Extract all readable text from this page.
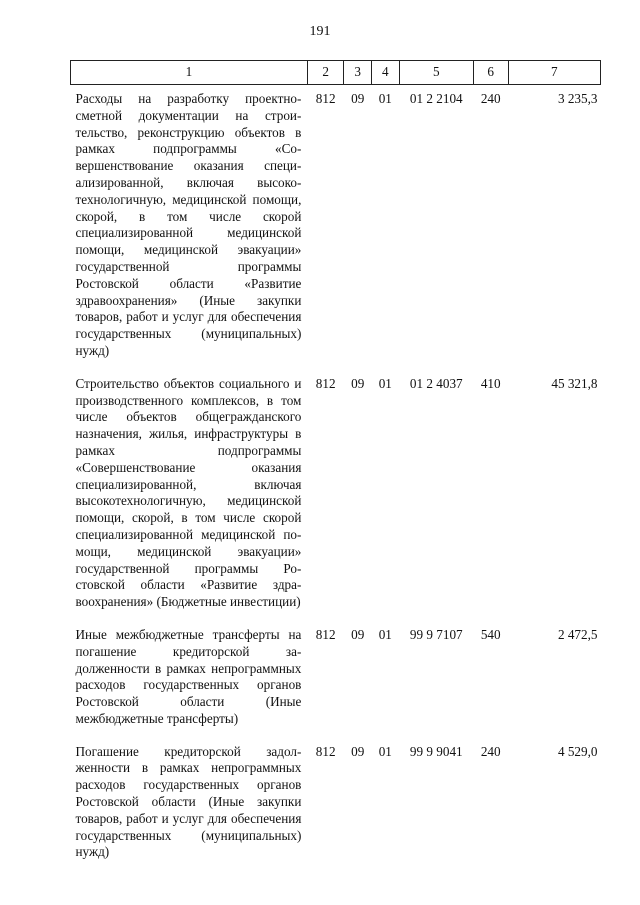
191
1	2	3	4	5	6	7
Расходы на разработку проектносметной документации на строительство, реконструкцию объектов в рамках подпрограммы «Совершенствование оказания специализированной, включая высокотехнологичную, медицинской помощи, скорой, в том числе скорой специализированной медицинской помощи, медицинской эвакуации» государственной программы Ростовской области «Развитие здравоохранения» (Иные закупки товаров, работ и услуг для обеспечения государственных (муниципальных) нужд)	812	09	01	01 2 2104	240	3 235,3
Строительство объектов социального и производственного комплексов, в том числе объектов общегражданского назначения, жилья, инфраструктуры в рамках подпрограммы «Совершенствование оказания специализированной, включая высокотехнологичную, медицинской помощи, скорой, в том числе скорой специализированной медицинской помощи, медицинской эвакуации» государственной программы Ростовской области «Развитие здравоохранения» (Бюджетные инвестиции)	812	09	01	01 2 4037	410	45 321,8
Иные межбюджетные трансферты на погашение кредиторской задолженности в рамках непрограммных расходов государственных органов Ростовской области (Иные межбюджетные трансферты)	812	09	01	99 9 7107	540	2 472,5
Погашение кредиторской задолженности в рамках непрограммных расходов государственных органов Ростовской области (Иные закупки товаров, работ и услуг для обеспечения государственных (муниципальных) нужд)	812	09	01	99 9 9041	240	4 529,0
